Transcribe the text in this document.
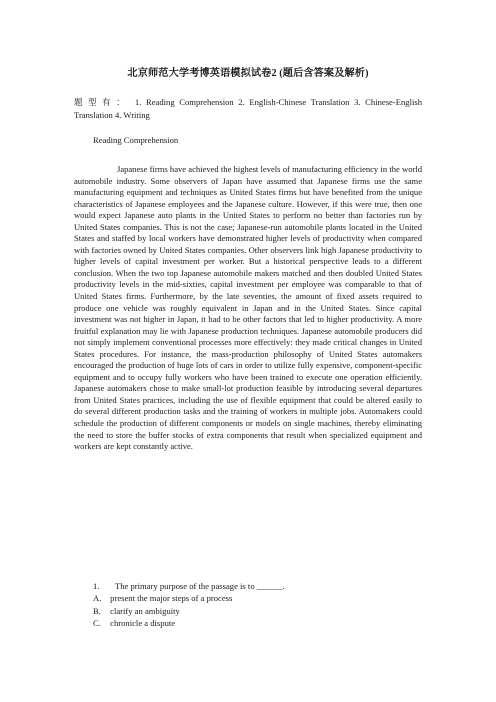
北京师范大学考博英语模拟试卷2 (题后含答案及解析)
题型有： 1. Reading Comprehension 2. English-Chinese Translation 3. Chinese-English Translation 4. Writing
Reading Comprehension
Japanese firms have achieved the highest levels of manufacturing efficiency in the world automobile industry. Some observers of Japan have assumed that Japanese firms use the same manufacturing equipment and techniques as United States firms but have benefited from the unique characteristics of Japanese employees and the Japanese culture. However, if this were true, then one would expect Japanese auto plants in the United States to perform no better than factories run by United States companies. This is not the case; Japanese-run automobile plants located in the United States and staffed by local workers have demonstrated higher levels of productivity when compared with factories owned by United States companies. Other observers link high Japanese productivity to higher levels of capital investment per worker. But a historical perspective leads to a different conclusion. When the two top Japanese automobile makers matched and then doubled United States productivity levels in the mid-sixties, capital investment per employee was comparable to that of United States firms. Furthermore, by the late seventies, the amount of fixed assets required to produce one vehicle was roughly equivalent in Japan and in the United States. Since capital investment was not higher in Japan, it had to be other factors that led to higher productivity. A more fruitful explanation may lie with Japanese production techniques. Japanese automobile producers did not simply implement conventional processes more effectively: they made critical changes in United States procedures. For instance, the mass-production philosophy of United States automakers encouraged the production of huge lots of cars in order to utilize fully expensive, component-specific equipment and to occupy fully workers who have been trained to execute one operation efficiently. Japanese automakers chose to make small-lot production feasible by introducing several departures from United States practices, including the use of flexible equipment that could be altered easily to do several different production tasks and the training of workers in multiple jobs. Automakers could schedule the production of different components or models on single machines, thereby eliminating the need to store the buffer stocks of extra components that result when specialized equipment and workers are kept constantly active.
1. The primary purpose of the passage is to ______.
A. present the major steps of a process
B. clarify an ambiguity
C. chronicle a dispute
